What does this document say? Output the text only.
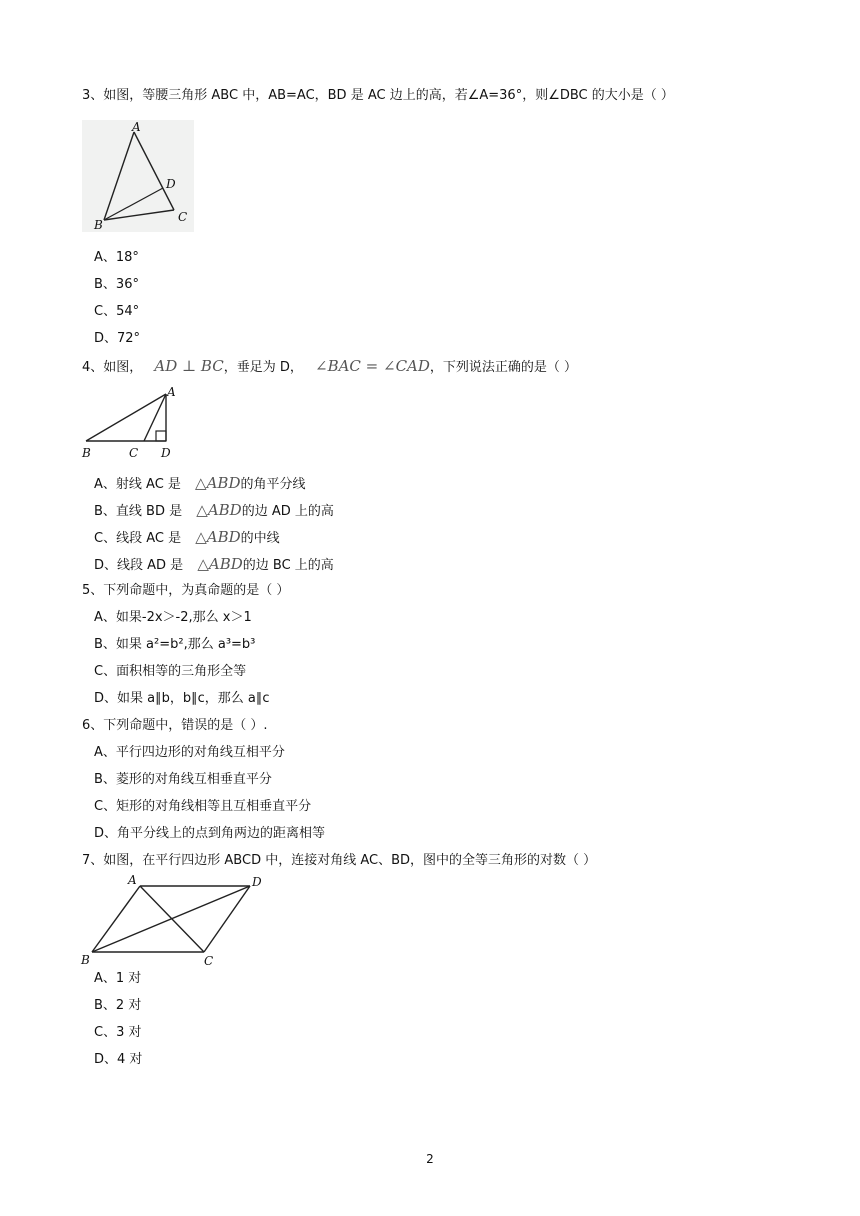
3、如图，等腰三角形 ABC 中，AB=AC，BD 是 AC 边上的高，若∠A=36°，则∠DBC 的大小是（ ）
A
B
C
D
A、18°
B、36°
C、54°
D、72°
4、如图， AD ⊥ BC，垂足为 D， ∠BAC = ∠CAD，下列说法正确的是（ ）
A
B	C D
A、射线 AC 是 △ABD的角平分线
B、直线 BD 是 △ABD的边 AD 上的高
C、线段 AC 是 △ABD的中线
D、线段 AD 是 △ABD的边 BC 上的高
5、下列命题中，为真命题的是（ ）
A、如果-2x＞-2,那么 x＞1
B、如果 a²=b²,那么 a³=b³
C、面积相等的三角形全等
D、如果 a∥b，b∥c，那么 a∥c
6、下列命题中，错误的是（ ）.
A、平行四边形的对角线互相平分
B、菱形的对角线互相垂直平分
C、矩形的对角线相等且互相垂直平分
D、角平分线上的点到角两边的距离相等
7、如图，在平行四边形 ABCD 中，连接对角线 AC、BD，图中的全等三角形的对数（ ）
A
B	C
D
A、1 对
B、2 对
C、3 对
D、4 对
2
